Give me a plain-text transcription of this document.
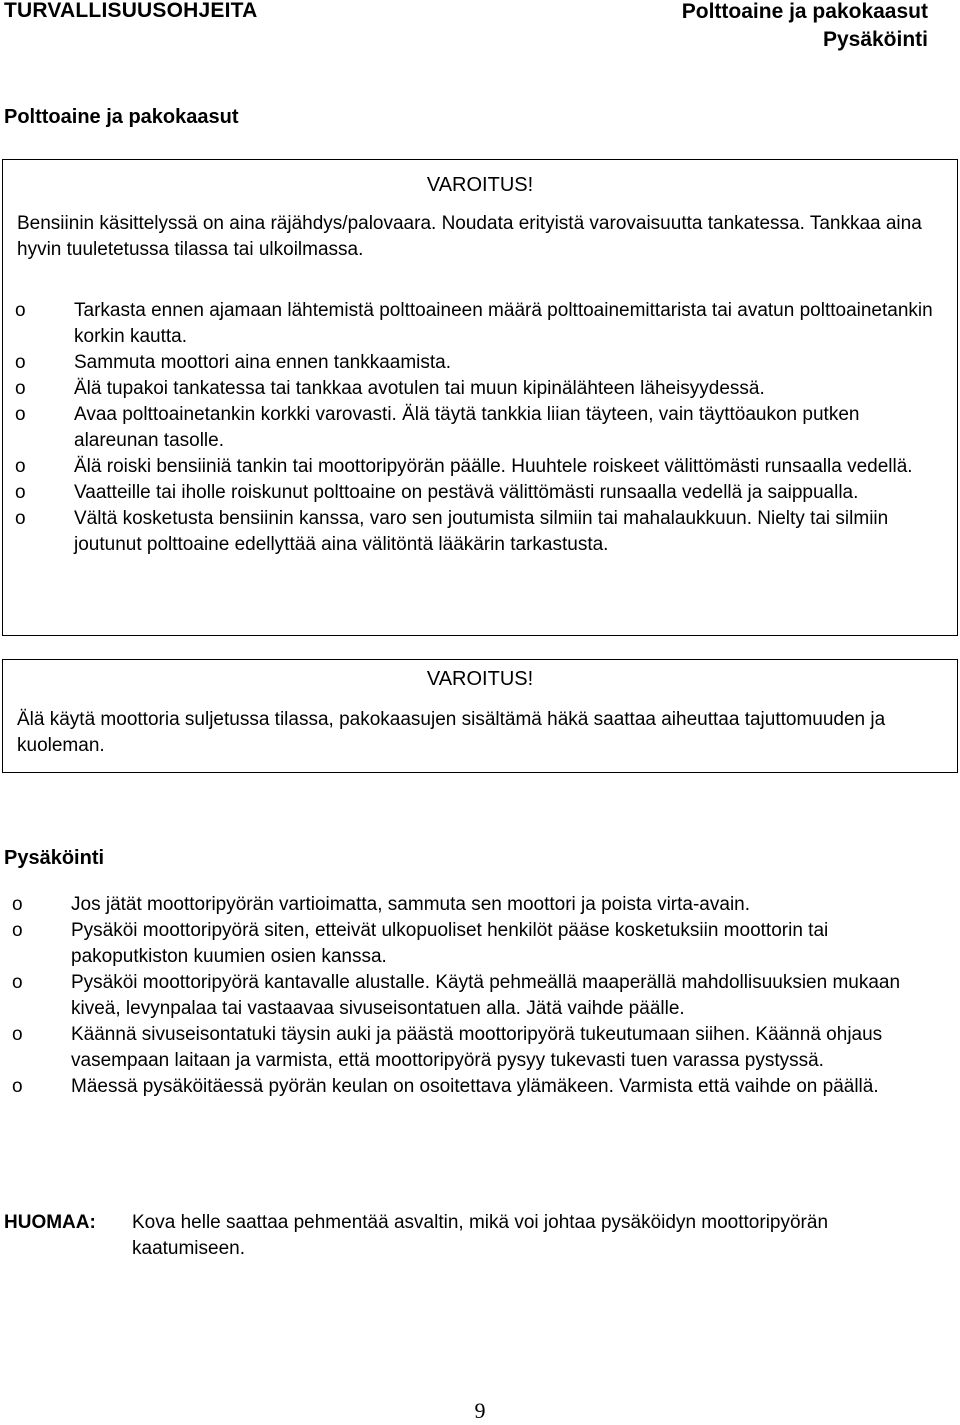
TURVALLISUUSOHJEITA	Polttoaine ja pakokaasut
Pysäköinti
Polttoaine ja pakokaasut
VAROITUS!
Bensiinin käsittelyssä on aina räjähdys/palovaara. Noudata erityistä varovaisuutta tankatessa. Tankkaa aina hyvin tuuletetussa tilassa tai ulkoilmassa.
o	Tarkasta ennen ajamaan lähtemistä polttoaineen määrä polttoainemittarista tai avatun polttoainetankin korkin kautta.
o	Sammuta moottori aina ennen tankkaamista.
o	Älä tupakoi tankatessa tai tankkaa avotulen tai muun kipinälähteen läheisyydessä.
o	Avaa polttoainetankin korkki varovasti. Älä täytä tankkia liian täyteen, vain täyttöaukon putken alareunan tasolle.
o	Älä roiski bensiiniä tankin tai moottoripyörän päälle. Huuhtele roiskeet välittömästi runsaalla vedellä.
o	Vaatteille tai iholle roiskunut polttoaine on pestävä välittömästi runsaalla vedellä ja saippualla.
o	Vältä kosketusta bensiinin kanssa, varo sen joutumista silmiin tai mahalaukkuun. Nielty tai silmiin joutunut polttoaine edellyttää aina välitöntä lääkärin tarkastusta.
VAROITUS!
Älä käytä moottoria suljetussa tilassa, pakokaasujen sisältämä häkä saattaa aiheuttaa tajuttomuuden ja kuoleman.
Pysäköinti
o	Jos jätät moottoripyörän vartioimatta, sammuta sen moottori ja poista virta-avain.
o	Pysäköi moottoripyörä siten, etteivät ulkopuoliset henkilöt pääse kosketuksiin moottorin tai pakoputkiston kuumien osien kanssa.
o	Pysäköi moottoripyörä kantavalle alustalle. Käytä pehmeällä maaperällä mahdollisuuksien mukaan kiveä, levynpalaa tai vastaavaa sivuseisontatuen alla. Jätä vaihde päälle.
o	Käännä sivuseisontatuki täysin auki ja päästä moottoripyörä tukeutumaan siihen. Käännä ohjaus vasempaan laitaan ja varmista, että moottoripyörä pysyy tukevasti tuen varassa pystyssä.
o	Mäessä pysäköitäessä pyörän keulan on osoitettava ylämäkeen. Varmista että vaihde on päällä.
HUOMAA:	Kova helle saattaa pehmentää asvaltin, mikä voi johtaa pysäköidyn moottoripyörän kaatumiseen.
9
